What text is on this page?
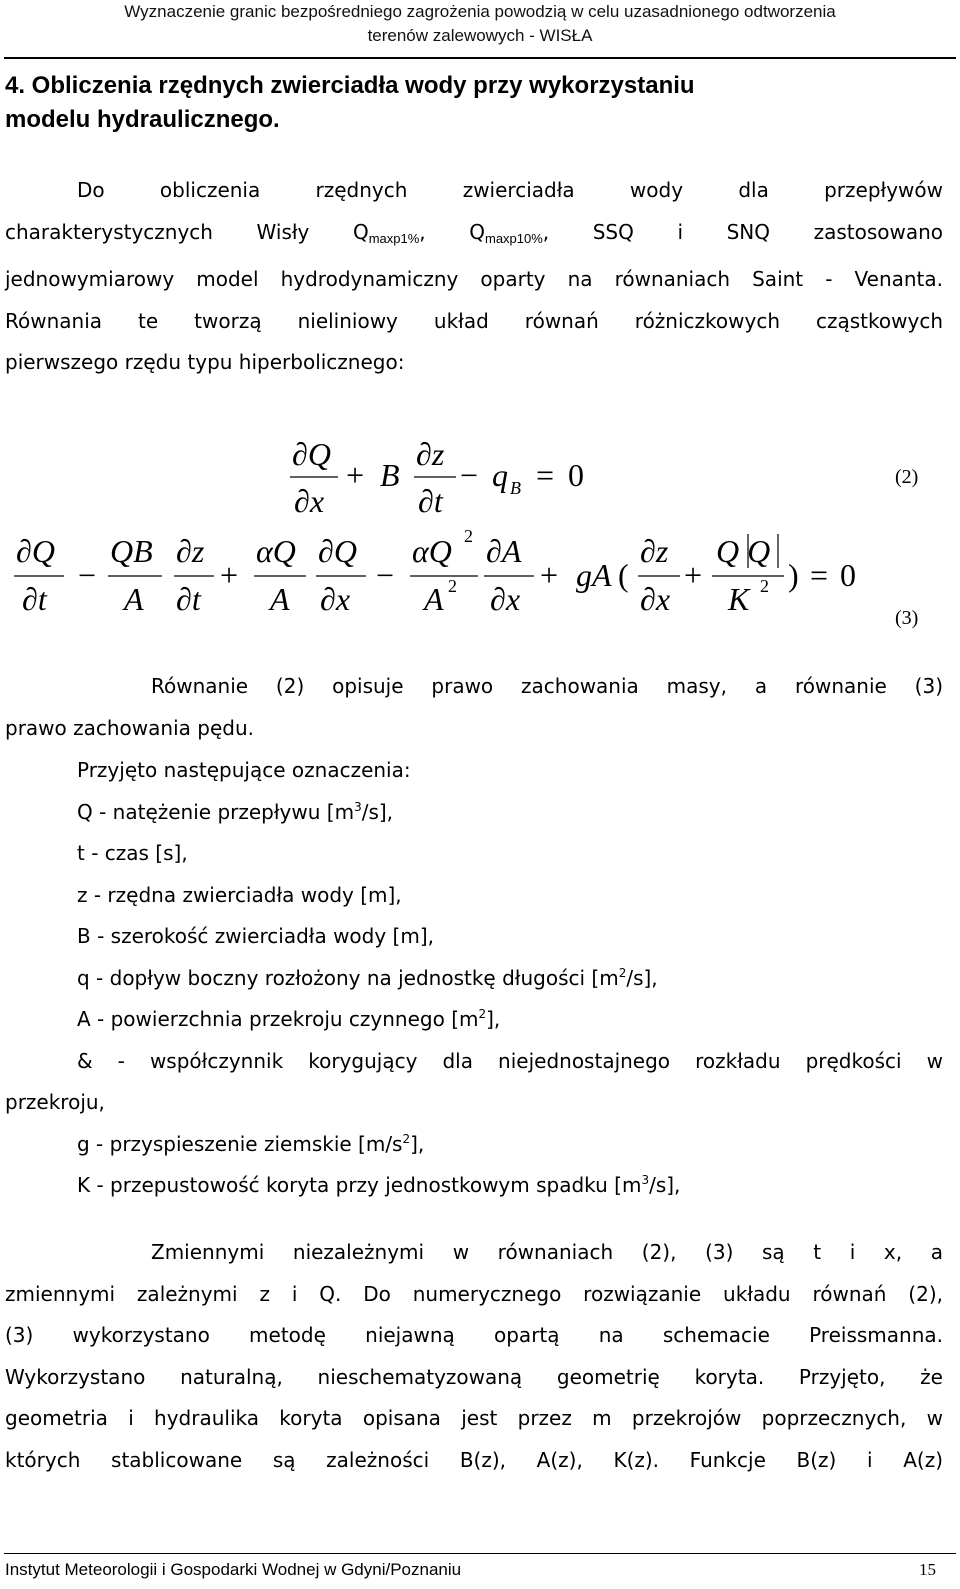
Wyznaczenie granic bezpośredniego zagrożenia powodzią w celu uzasadnionego odtworzenia
terenów zalewowych - WISŁA
4. Obliczenia rzędnych zwierciadła wody przy wykorzystaniu
modelu hydraulicznego.
Do obliczenia rzędnych zwierciadła wody dla przepływów
charakterystycznych Wisły $Q_{maxp1\%}$, $Q_{maxp10\%}$, SSQ i SNQ zastosowano
jednowymiarowy model hydrodynamiczny oparty na równaniach Saint - Venanta.
Równania te tworzą nieliniowy układ równań różniczkowych cząstkowych
pierwszego rzędu typu hiperbolicznego:
∂Q
∂x
+ B
∂z
∂t
− q B = 0	(2)
∂Q
∂t
−
QB
A
∂z
∂t
+
αQ
A
∂Q
∂x
−
αQ 2
A 2
∂A
∂x
+ gA (
∂z
∂x
+
Q Q
K 2 ) = 0
(3)
Równanie (2) opisuje prawo zachowania masy, a równanie (3)
prawo zachowania pędu.
Przyjęto następujące oznaczenia:
Q - natężenie przepływu $[m^3/s]$,
t - czas [s],
z - rzędna zwierciadła wody [m],
B - szerokość zwierciadła wody [m],
q - dopływ boczny rozłożony na jednostkę długości $[m^2/s]$,
A - powierzchnia przekroju czynnego $[m^2]$,
& - współczynnik korygujący dla niejednostajnego rozkładu prędkości w
przekroju,
g - przyspieszenie ziemskie $[m/s^2]$,
K - przepustowość koryta przy jednostkowym spadku $[m^3/s]$,
Zmiennymi niezależnymi w równaniach (2), (3) są t i x, a
zmiennymi zależnymi z i Q. Do numerycznego rozwiązanie układu równań (2),
(3) wykorzystano metodę niejawną opartą na schemacie Preissmanna.
Wykorzystano naturalną, nieschematyzowaną geometrię koryta. Przyjęto, że
geometria i hydraulika koryta opisana jest przez m przekrojów poprzecznych, w
których stablicowane są zależności B(z), A(z), K(z). Funkcje B(z) i A(z)
Instytut Meteorologii i Gospodarki Wodnej w Gdyni/Poznaniu	15
